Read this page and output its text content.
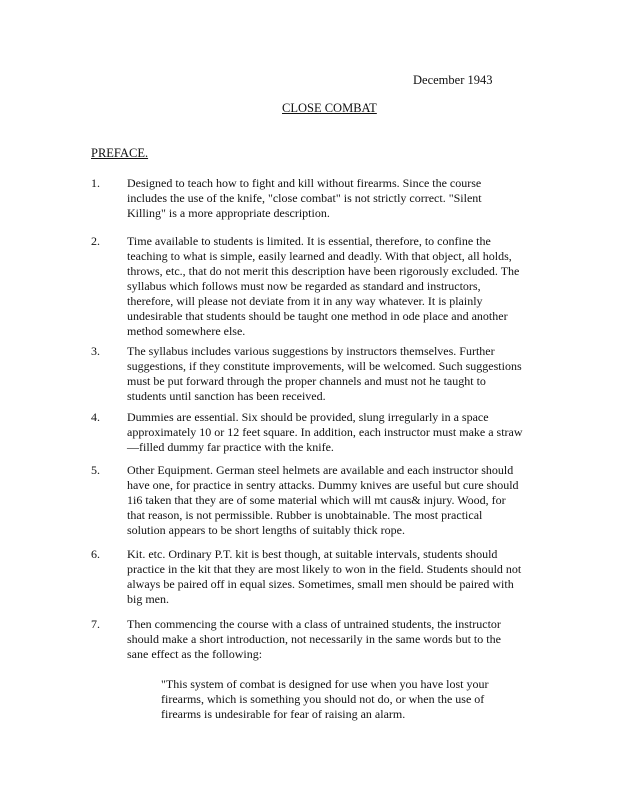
December 1943
CLOSE COMBAT
PREFACE.
1.	Designed to teach how to fight and kill without firearms. Since the course
includes the use of the knife, "close combat" is not strictly correct. "Silent
Killing" is a more appropriate description.
2.	Time available to students is limited. It is essential, therefore, to confine the
teaching to what is simple, easily learned and deadly. With that object, all holds,
throws, etc., that do not merit this description have been rigorously excluded. The
syllabus which follows must now be regarded as standard and instructors,
therefore, will please not deviate from it in any way whatever. It is plainly
undesirable that students should be taught one method in ode place and another
method somewhere else.
3.	The syllabus includes various suggestions by instructors themselves. Further
suggestions, if they constitute improvements, will be welcomed. Such suggestions
must be put forward through the proper channels and must not he taught to
students until sanction has been received.
4.	Dummies are essential. Six should be provided, slung irregularly in a space
approximately 10 or 12 feet square. In addition, each instructor must make a straw
—filled dummy far practice with the knife.
5.	Other Equipment. German steel helmets are available and each instructor should
have one, for practice in sentry attacks. Dummy knives are useful but cure should
1i6 taken that they are of some material which will mt caus& injury. Wood, for
that reason, is not permissible. Rubber is unobtainable. The most practical
solution appears to be short lengths of suitably thick rope.
6.	Kit. etc. Ordinary P.T. kit is best though, at suitable intervals, students should
practice in the kit that they are most likely to won in the field. Students should not
always be paired off in equal sizes. Sometimes, small men should be paired with
big men.
7.	Then commencing the course with a class of untrained students, the instructor
should make a short introduction, not necessarily in the same words but to the
sane effect as the following:
"This system of combat is designed for use when you have lost your
firearms, which is something you should not do, or when the use of
firearms is undesirable for fear of raising an alarm.
